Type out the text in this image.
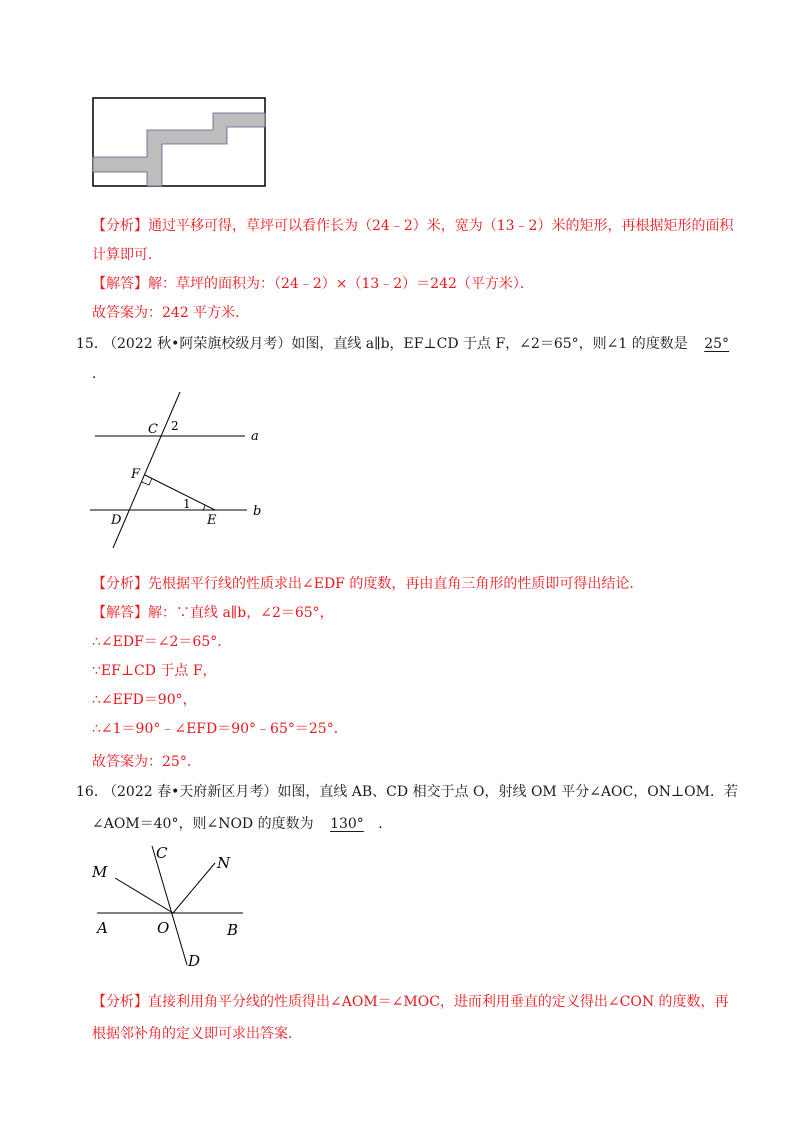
【分析】通过平移可得，草坪可以看作长为（24﹣2）米，宽为（13﹣2）米的矩形，再根据矩形的面积
计算即可．
【解答】解：草坪的面积为：（24﹣2）×（13﹣2）＝242（平方米）．
故答案为：242 平方米．
15．
（2022 秋•阿荣旗校级月考）如图，直线 a∥b，EF⊥CD 于点 F，∠2＝65°，则∠1 的度数是 25°
．
C 2
a
F
1
D	E
b
【分析】先根据平行线的性质求出∠EDF 的度数，再由直角三角形的性质即可得出结论．
【解答】解：∵直线 a∥b，∠2＝65°，
∴∠EDF＝∠2＝65°．
∵EF⊥CD 于点 F，
∴∠EFD＝90°，
∴∠1＝90°﹣∠EFD＝90°﹣65°＝25°．
故答案为：25°．
16．
（2022 春•天府新区月考）如图，直线 AB、CD 相交于点 O，射线 OM 平分∠AOC，ON⊥OM．若
∠AOM＝40°，则∠NOD 的度数为 130° ．
M
C
N
A	O	B
D
【分析】直接利用角平分线的性质得出∠AOM＝∠MOC，进而利用垂直的定义得出∠CON 的度数，再
根据邻补角的定义即可求出答案．
